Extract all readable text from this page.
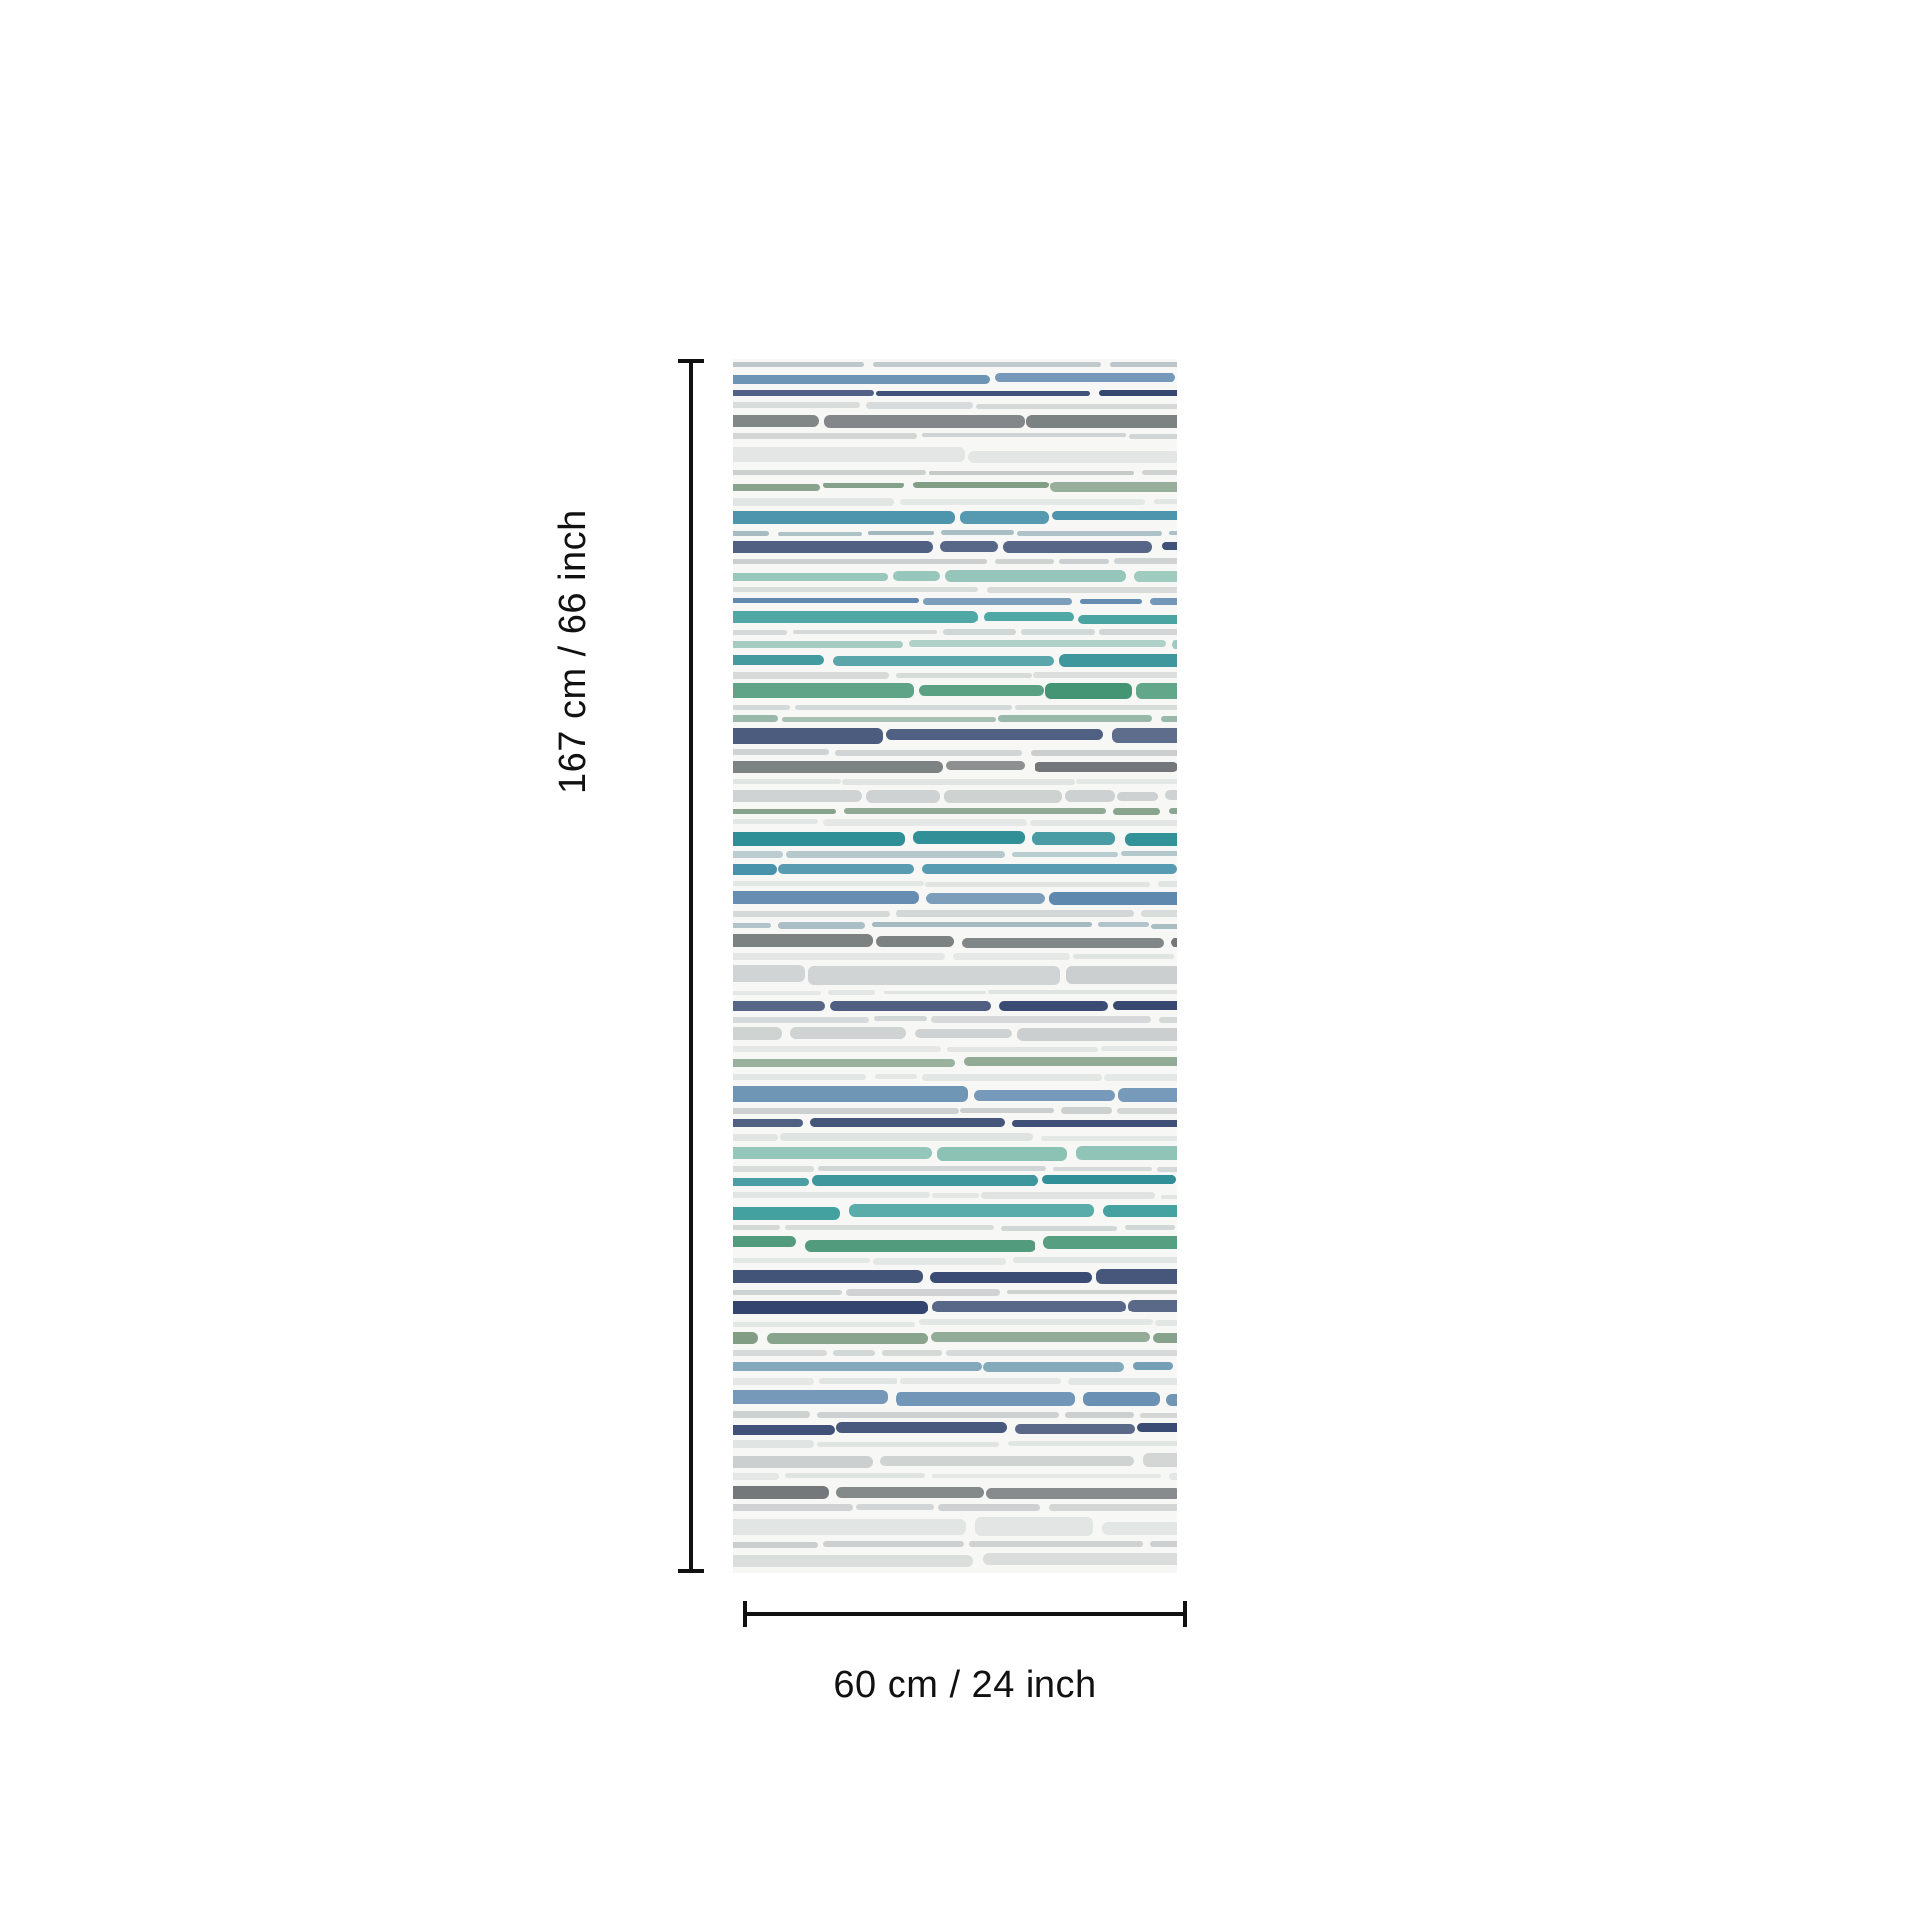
167 cm / 66 inch
60 cm / 24 inch
